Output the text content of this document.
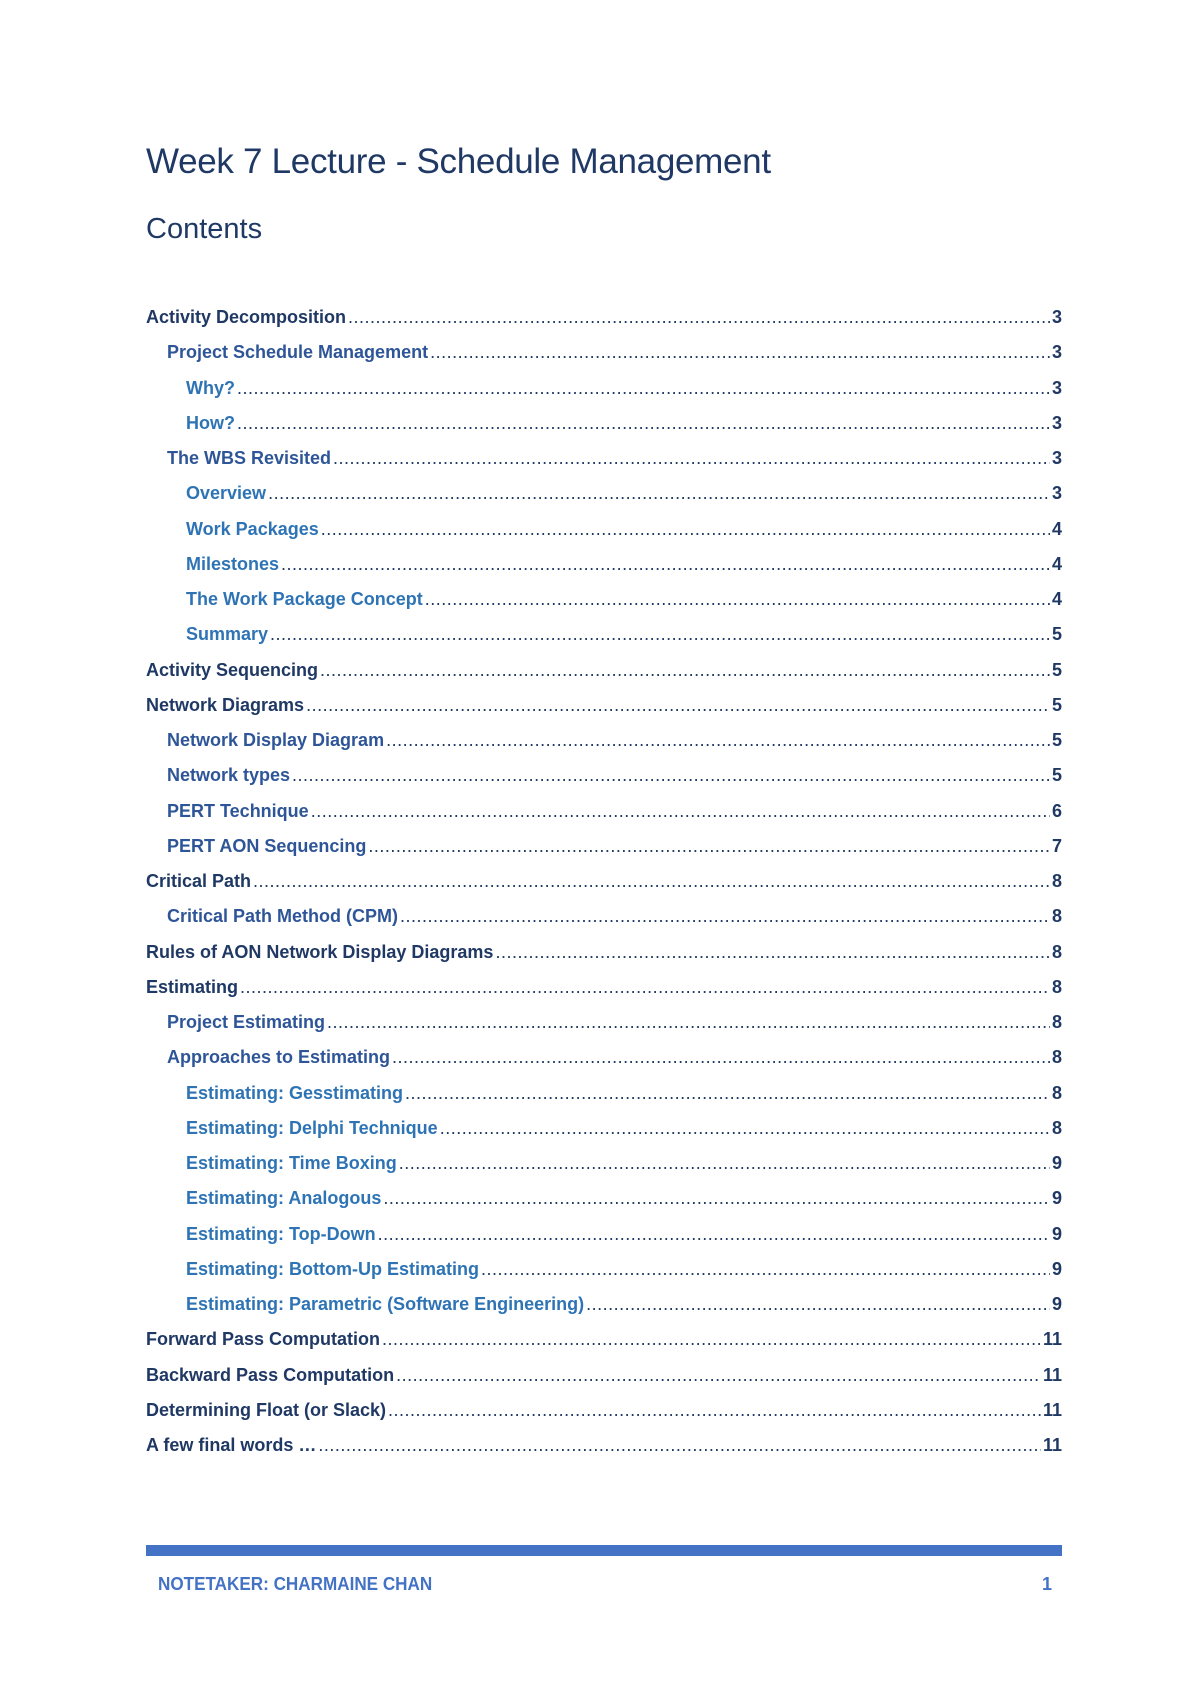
Week 7 Lecture - Schedule Management
Contents
Activity Decomposition .....	3
Project Schedule Management .....	3
Why? .....	3
How? .....	3
The WBS Revisited .....	3
Overview .....	3
Work Packages .....	4
Milestones .....	4
The Work Package Concept .....	4
Summary .....	5
Activity Sequencing .....	5
Network Diagrams .....	5
Network Display Diagram .....	5
Network types .....	5
PERT Technique .....	6
PERT AON Sequencing .....	7
Critical Path .....	8
Critical Path Method (CPM) .....	8
Rules of AON Network Display Diagrams .....	8
Estimating .....	8
Project Estimating .....	8
Approaches to Estimating .....	8
Estimating: Gesstimating .....	8
Estimating: Delphi Technique .....	8
Estimating: Time Boxing .....	9
Estimating: Analogous .....	9
Estimating: Top-Down .....	9
Estimating: Bottom-Up Estimating .....	9
Estimating: Parametric (Software Engineering) .....	9
Forward Pass Computation .....	11
Backward Pass Computation .....	11
Determining Float (or Slack) .....	11
A few final words … .....	11
NOTETAKER: CHARMAINE CHAN	1
